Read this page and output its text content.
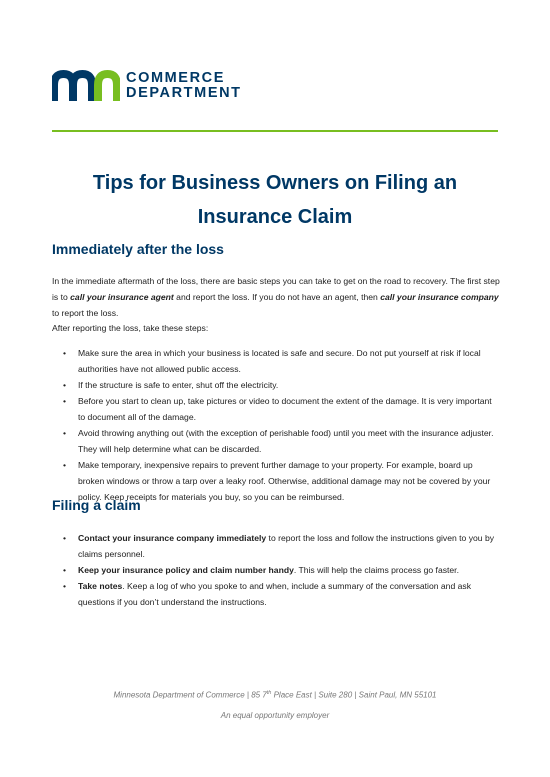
COMMERCE
DEPARTMENT
Tips for Business Owners on Filing an Insurance Claim
Immediately after the loss

In the immediate aftermath of the loss, there are basic steps you can take to get on the road to recovery. The first step is to call your insurance agent and report the loss. If you do not have an agent, then call your insurance company to report the loss.

After reporting the loss, take these steps:

• Make sure the area in which your business is located is safe and secure. Do not put yourself at risk if local authorities have not allowed public access.
• If the structure is safe to enter, shut off the electricity.
• Before you start to clean up, take pictures or video to document the extent of the damage. It is very important to document all of the damage.
• Avoid throwing anything out (with the exception of perishable food) until you meet with the insurance adjuster. They will help determine what can be discarded.
• Make temporary, inexpensive repairs to prevent further damage to your property. For example, board up broken windows or throw a tarp over a leaky roof. Otherwise, additional damage may not be covered by your policy. Keep receipts for materials you buy, so you can be reimbursed.
Filing a claim
• Contact your insurance company immediately to report the loss and follow the instructions given to you by claims personnel.
• Keep your insurance policy and claim number handy. This will help the claims process go faster.
• Take notes. Keep a log of who you spoke to and when, include a summary of the conversation and ask questions if you don’t understand the instructions.
Minnesota Department of Commerce | 85 7th Place East | Suite 280 | Saint Paul, MN 55101
An equal opportunity employer
